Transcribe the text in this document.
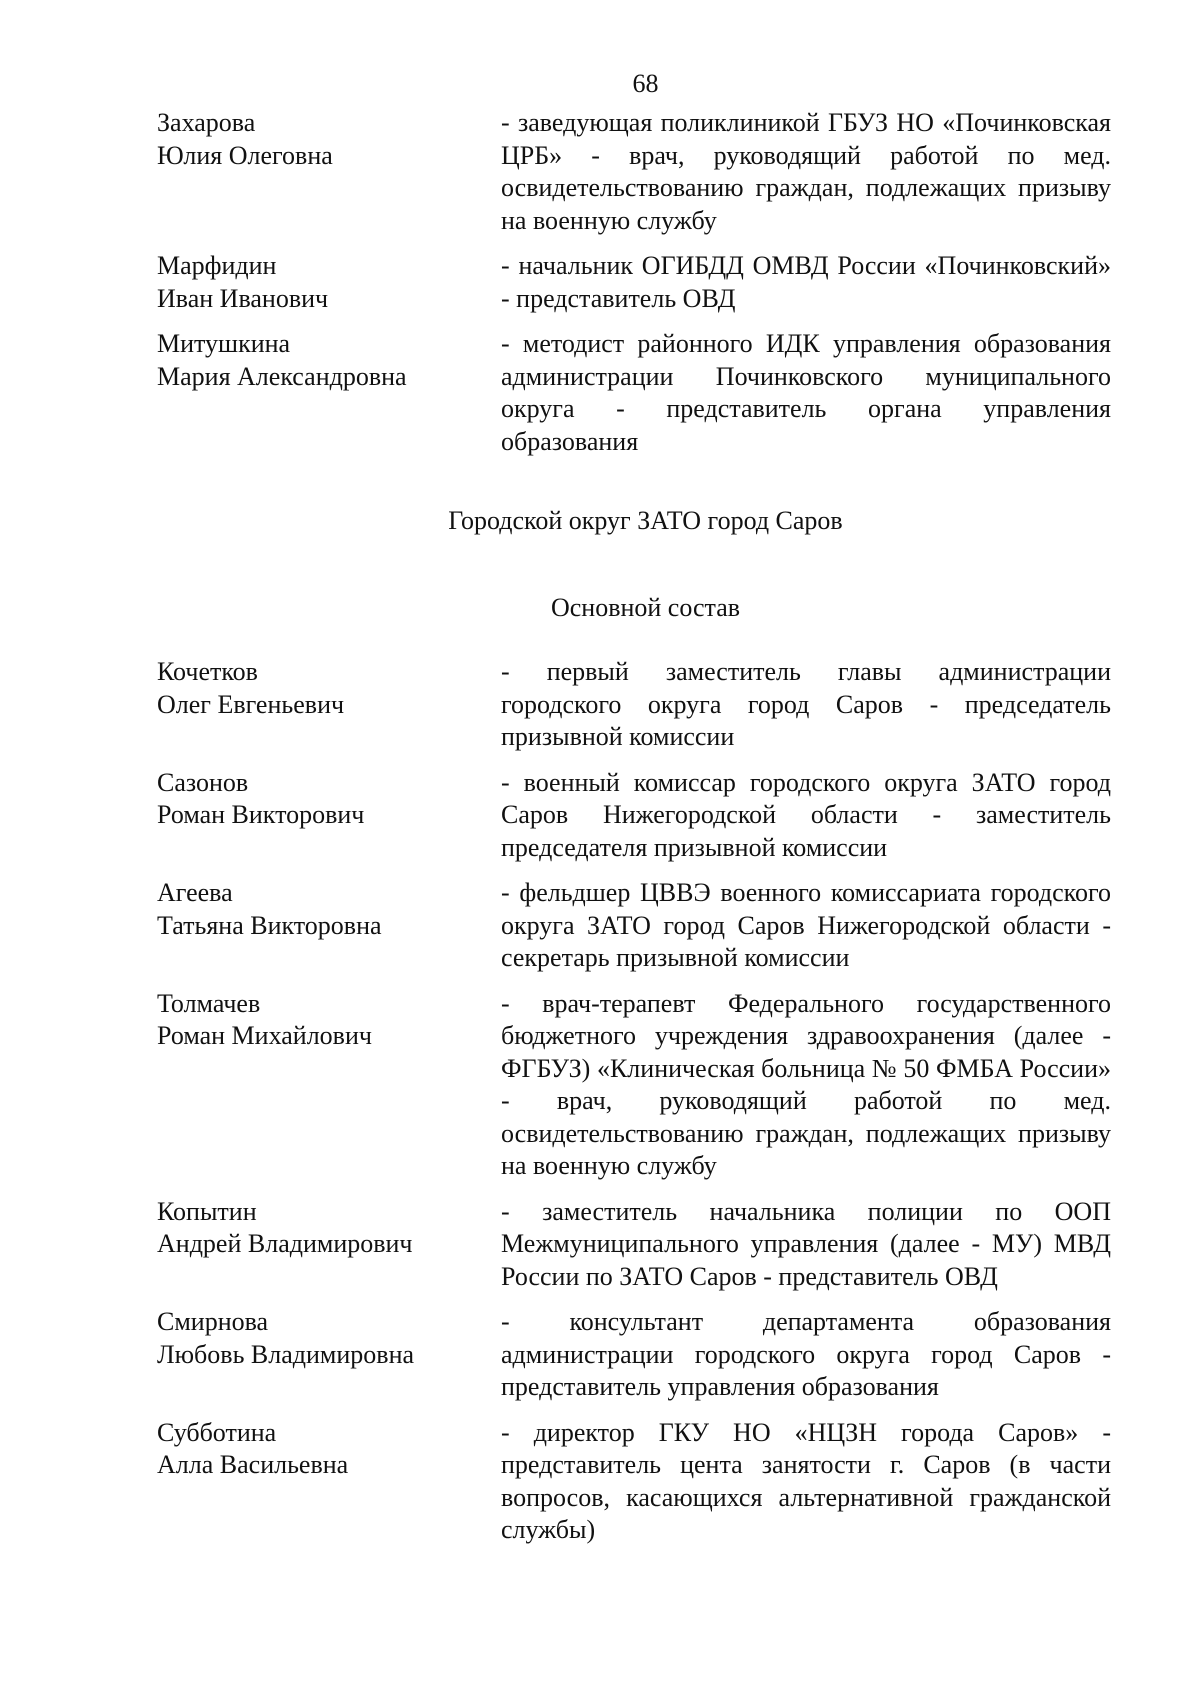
68
Захарова
Юлия Олеговна
- заведующая поликлиникой ГБУЗ НО «Починковская ЦРБ» - врач, руководящий работой по мед. освидетельствованию граждан, подлежащих призыву на военную службу
Марфидин
Иван Иванович
- начальник ОГИБДД ОМВД России «Починковский» - представитель ОВД
Митушкина
Мария Александровна
- методист районного ИДК управления образования администрации Починковского муниципального округа - представитель органа управления образования
Городской округ ЗАТО город Саров
Основной состав
Кочетков
Олег Евгеньевич
- первый заместитель главы администрации городского округа город Саров - председатель призывной комиссии
Сазонов
Роман Викторович
- военный комиссар городского округа ЗАТО город Саров Нижегородской области - заместитель председателя призывной комиссии
Агеева
Татьяна Викторовна
- фельдшер ЦВВЭ военного комиссариата городского округа ЗАТО город Саров Нижегородской области - секретарь призывной комиссии
Толмачев
Роман Михайлович
- врач-терапевт Федерального государственного бюджетного учреждения здравоохранения (далее - ФГБУЗ) «Клиническая больница № 50 ФМБА России» - врач, руководящий работой по мед. освидетельствованию граждан, подлежащих призыву на военную службу
Копытин
Андрей Владимирович
- заместитель начальника полиции по ООП Межмуниципального управления (далее - МУ) МВД России по ЗАТО Саров - представитель ОВД
Смирнова
Любовь Владимировна
- консультант департамента образования администрации городского округа город Саров - представитель управления образования
Субботина
Алла Васильевна
- директор ГКУ НО «НЦЗН города Саров» - представитель цента занятости г. Саров (в части вопросов, касающихся альтернативной гражданской службы)
